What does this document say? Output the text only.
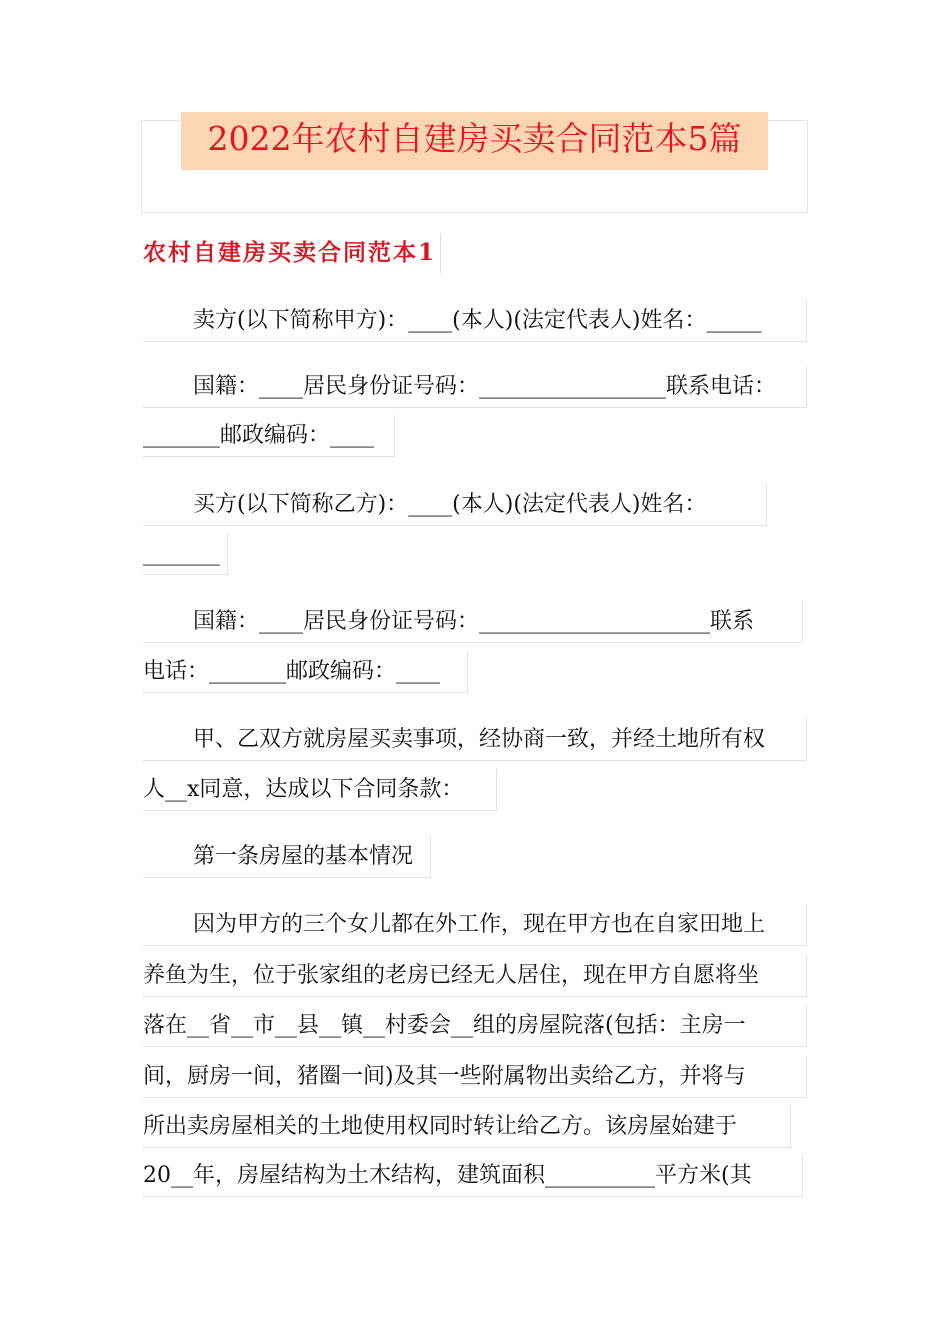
2022年农村自建房买卖合同范本5篇
农村自建房买卖合同范本1
卖方(以下简称甲方)：____(本人)(法定代表人)姓名：_____
国籍：____居民身份证号码：_________________联系电话：
_______邮政编码：____
买方(以下简称乙方)：____(本人)(法定代表人)姓名：
_______
国籍：____居民身份证号码：_____________________联系
电话：_______邮政编码：____
甲、乙双方就房屋买卖事项，经协商一致，并经土地所有权
人__x同意，达成以下合同条款：
第一条房屋的基本情况
因为甲方的三个女儿都在外工作，现在甲方也在自家田地上
养鱼为生，位于张家组的老房已经无人居住，现在甲方自愿将坐
落在__省__市__县__镇__村委会__组的房屋院落(包括：主房一
间，厨房一间，猪圈一间)及其一些附属物出卖给乙方，并将与
所出卖房屋相关的土地使用权同时转让给乙方。该房屋始建于
20__年，房屋结构为土木结构，建筑面积__________平方米(其
